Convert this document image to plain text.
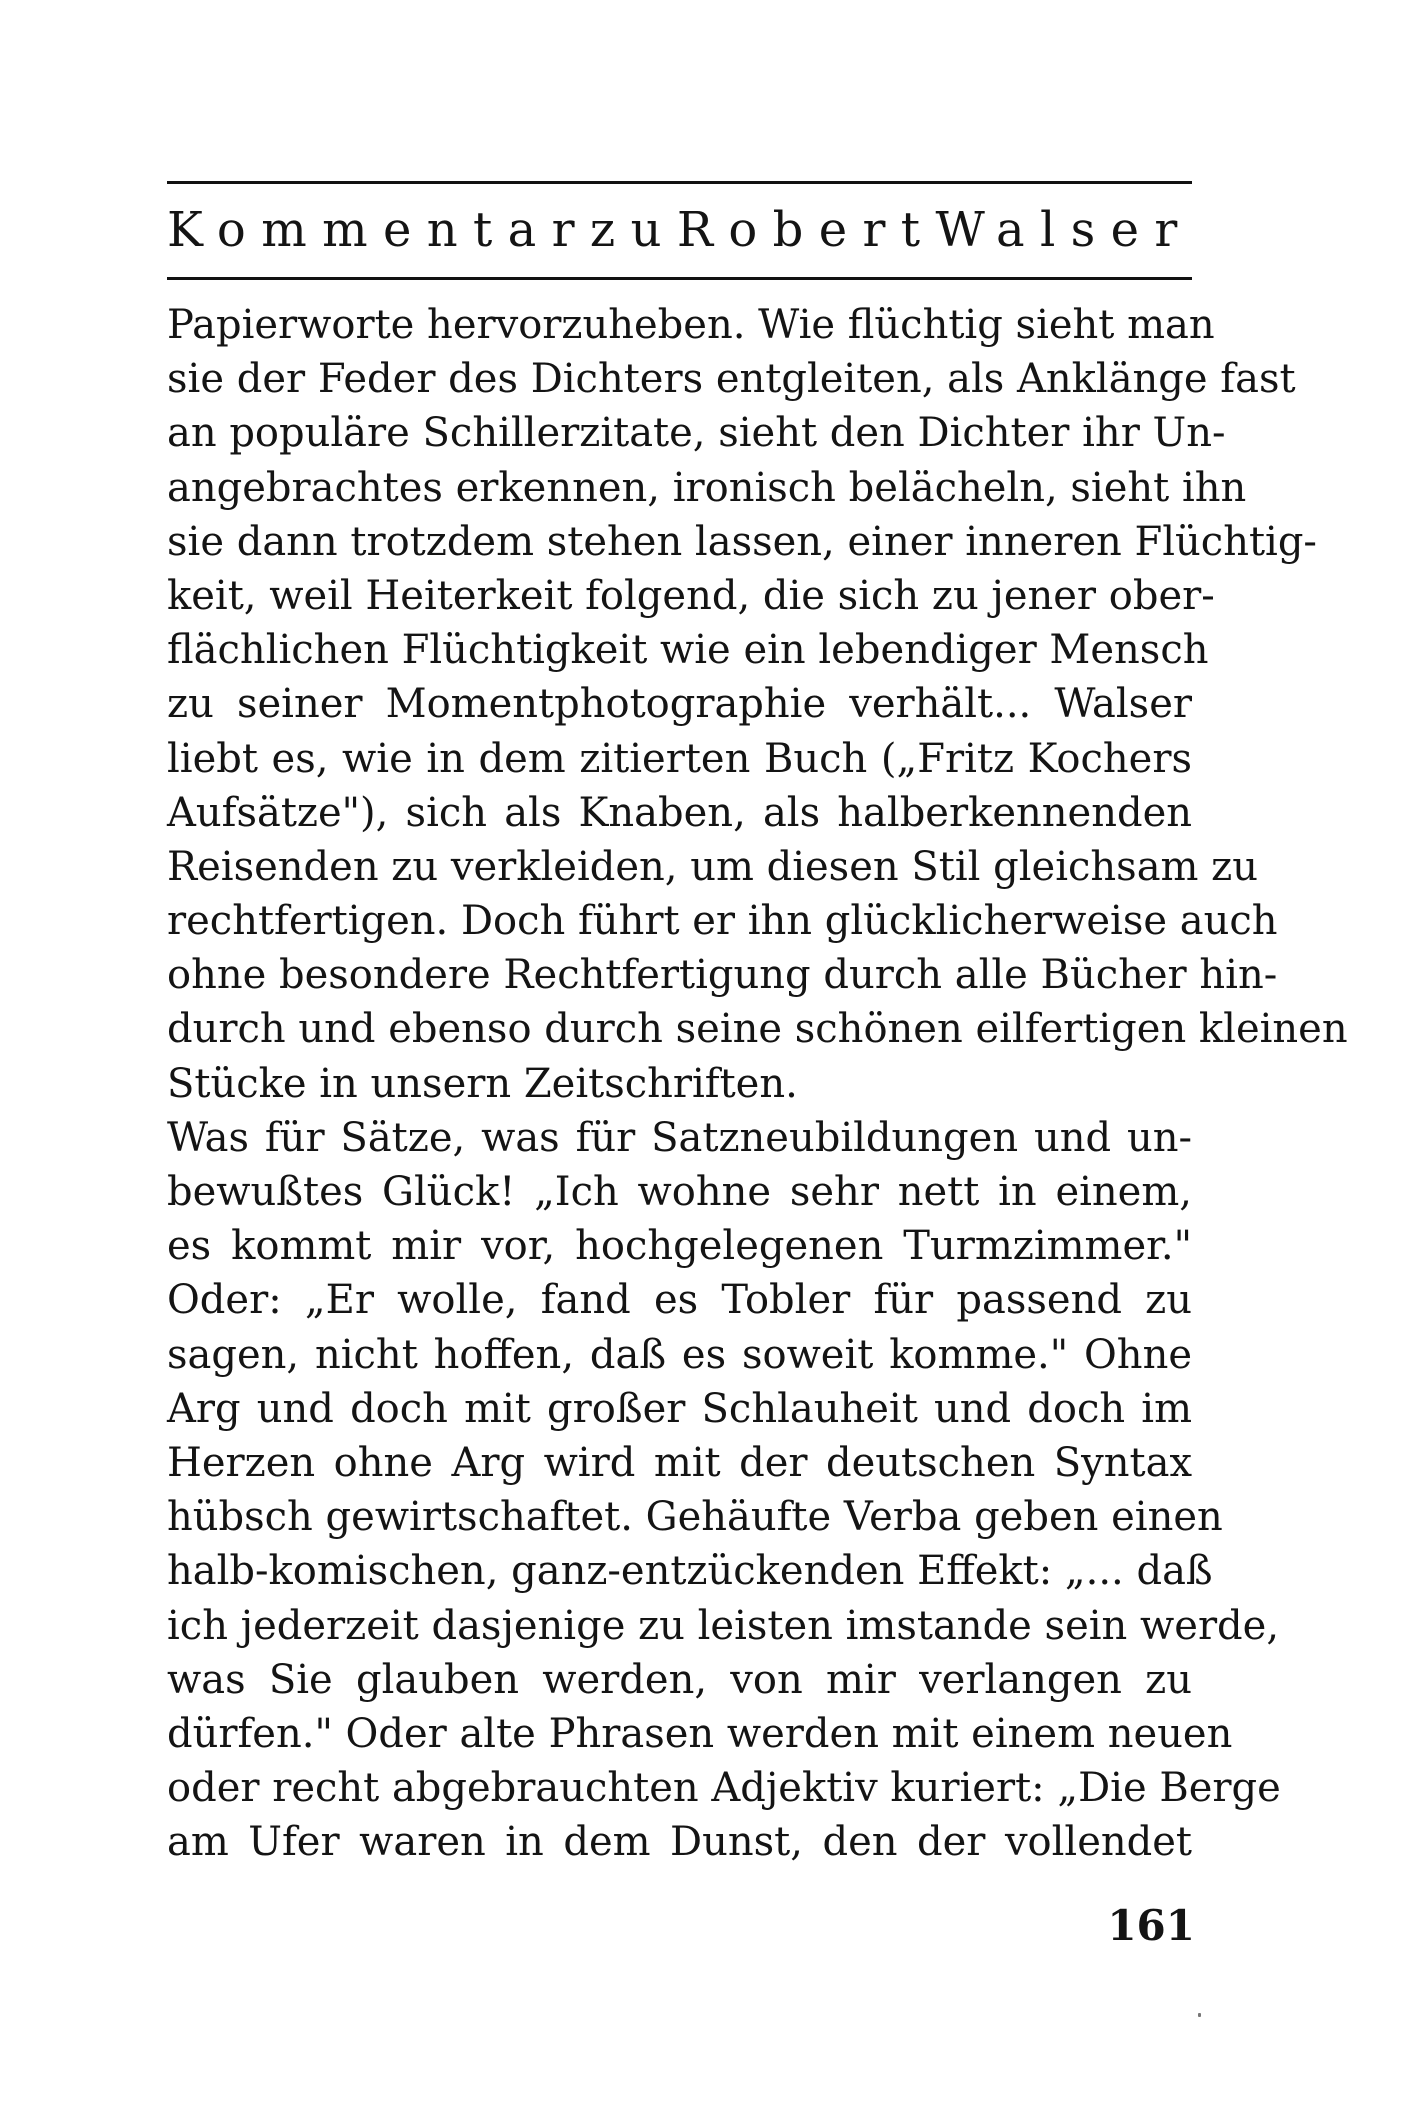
Kommentar zu Robert Walser
Papierworte hervorzuheben. Wie flüchtig sieht man
sie der Feder des Dichters entgleiten, als Anklänge fast
an populäre Schillerzitate, sieht den Dichter ihr Un-
angebrachtes erkennen, ironisch belächeln, sieht ihn
sie dann trotzdem stehen lassen, einer inneren Flüchtig-
keit, weil Heiterkeit folgend, die sich zu jener ober-
flächlichen Flüchtigkeit wie ein lebendiger Mensch
zu seiner Momentphotographie verhält... Walser
liebt es, wie in dem zitierten Buch („Fritz Kochers
Aufsätze"), sich als Knaben, als halberkennenden
Reisenden zu verkleiden, um diesen Stil gleichsam zu
rechtfertigen. Doch führt er ihn glücklicherweise auch
ohne besondere Rechtfertigung durch alle Bücher hin-
durch und ebenso durch seine schönen eilfertigen kleinen
Stücke in unsern Zeitschriften.
Was für Sätze, was für Satzneubildungen und un-
bewußtes Glück! „Ich wohne sehr nett in einem,
es kommt mir vor, hochgelegenen Turmzimmer."
Oder: „Er wolle, fand es Tobler für passend zu
sagen, nicht hoffen, daß es soweit komme." Ohne
Arg und doch mit großer Schlauheit und doch im
Herzen ohne Arg wird mit der deutschen Syntax
hübsch gewirtschaftet. Gehäufte Verba geben einen
halb-komischen, ganz-entzückenden Effekt: „... daß
ich jederzeit dasjenige zu leisten imstande sein werde,
was Sie glauben werden, von mir verlangen zu
dürfen." Oder alte Phrasen werden mit einem neuen
oder recht abgebrauchten Adjektiv kuriert: „Die Berge
am Ufer waren in dem Dunst, den der vollendet
161
